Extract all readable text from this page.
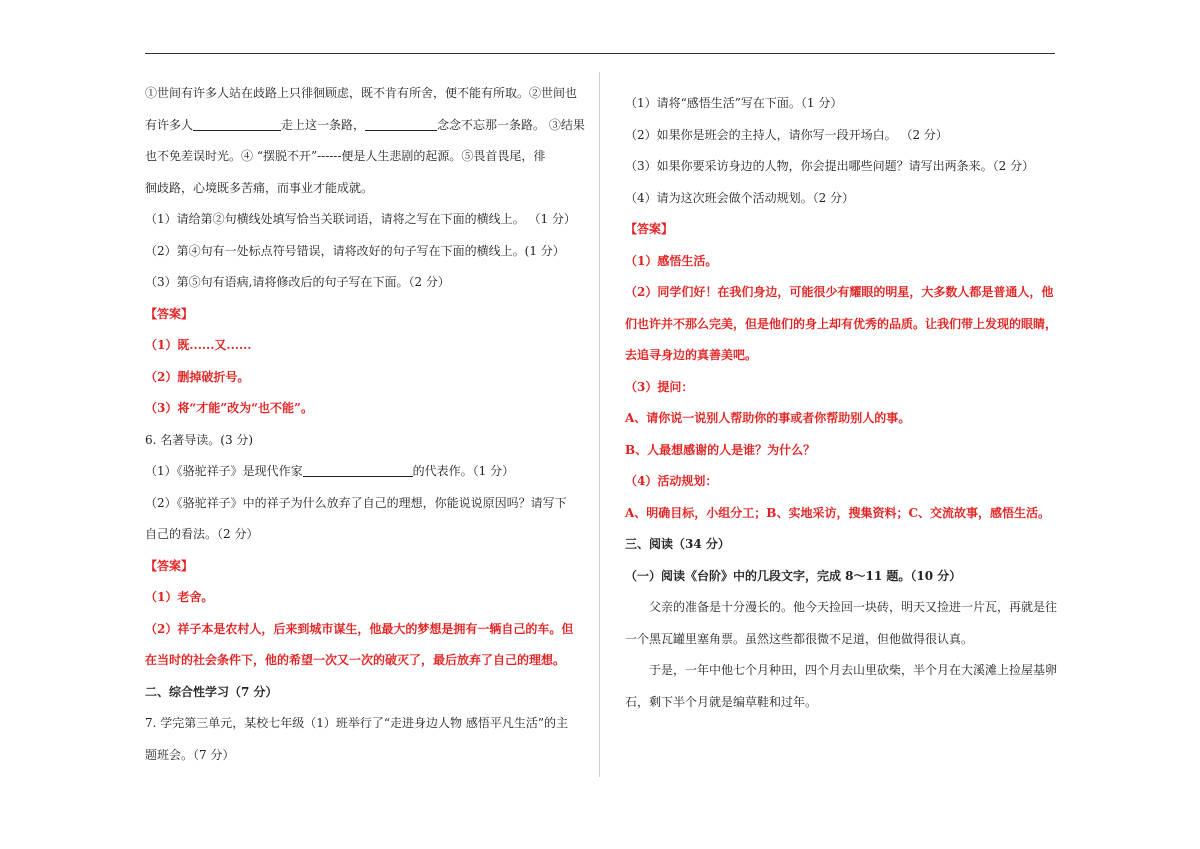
①世间有许多人站在歧路上只徘徊顾虑，既不肯有所舍，便不能有所取。②世间也

有许多人	走上这一条路，	念念不忘那一条路。 ③结果

也不免差误时光。④ “摆脱不开”------便是人生悲剧的起源。⑤畏首畏尾，徘

徊歧路，心境既多苦痛，而事业才能成就。

（1）请给第②句横线处填写恰当关联词语，请将之写在下面的横线上。 （1 分）

（2）第④句有一处标点符号错误，请将改好的句子写在下面的横线上。(1 分）

（3）第⑤句有语病,请将修改后的句子写在下面。（2 分）

【答案】

（1）既......又......

（2）删掉破折号。

（3）将“才能”改为“也不能”。

6. 名著导读。(3 分)

（1）《骆驼祥子》是现代作家	的代表作。（1 分）

（2）《骆驼祥子》中的祥子为什么放弃了自己的理想，你能说说原因吗？请写下

自己的看法。（2 分）

【答案】

（1）老舍。

（2）祥子本是农村人，后来到城市谋生，他最大的梦想是拥有一辆自己的车。但

在当时的社会条件下，他的希望一次又一次的破灭了，最后放弃了自己的理想。

二、综合性学习（7 分）

7. 学完第三单元，某校七年级（1）班举行了“走进身边人物 感悟平凡生活”的主

题班会。（7 分）

（1）请将“感悟生活”写在下面。（1 分）

（2）如果你是班会的主持人，请你写一段开场白。 （2 分）

（3）如果你要采访身边的人物，你会提出哪些问题？请写出两条来。（2 分）

（4）请为这次班会做个活动规划。（2 分）

【答案】

（1）感悟生活。

（2）同学们好！在我们身边，可能很少有耀眼的明星，大多数人都是普通人，他

们也许并不那么完美，但是他们的身上却有优秀的品质。让我们带上发现的眼睛，

去追寻身边的真善美吧。

（3）提问：

A、请你说一说别人帮助你的事或者你帮助别人的事。

B、人最想感谢的人是谁？为什么？

（4）活动规划：

A、明确目标，小组分工；B、实地采访，搜集资料；C、交流故事，感悟生活。

三、阅读（34 分）

（一）阅读《台阶》中的几段文字，完成 8～11 题。（10 分）

父亲的准备是十分漫长的。他今天捡回一块砖，明天又捡进一片瓦，再就是往

一个黑瓦罐里塞角票。虽然这些都很微不足道，但他做得很认真。

于是，一年中他七个月种田，四个月去山里砍柴，半个月在大溪滩上捡屋基卵

石，剩下半个月就是编草鞋和过年。
